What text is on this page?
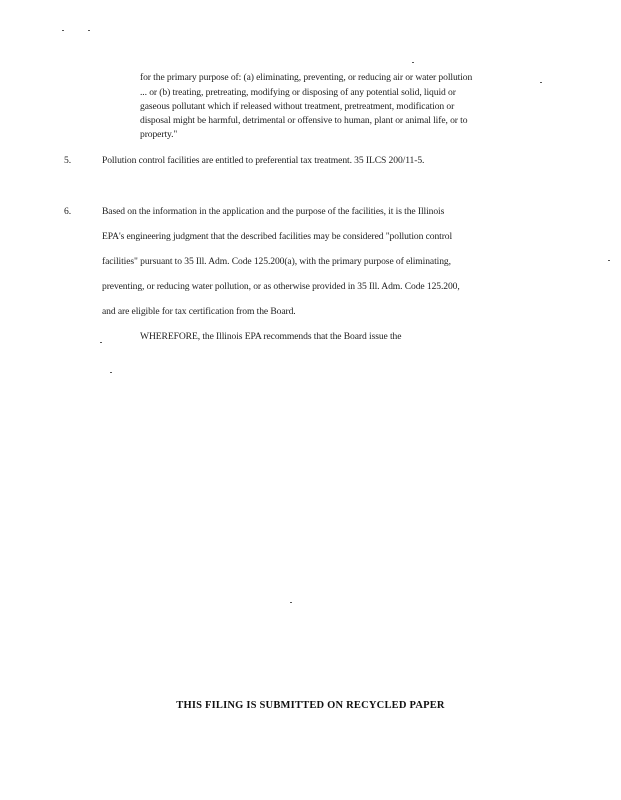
for the primary purpose of: (a) eliminating, preventing, or reducing air or water pollution
... or (b) treating, pretreating, modifying or disposing of any potential solid, liquid or
gaseous pollutant which if released without treatment, pretreatment, modification or
disposal might be harmful, detrimental or offensive to human, plant or animal life, or to
property."
5.	Pollution control facilities are entitled to preferential tax treatment. 35 ILCS 200/11-5.
6.	Based on the information in the application and the purpose of the facilities, it is the Illinois
EPA's engineering judgment that the described facilities may be considered "pollution control
facilities" pursuant to 35 Ill. Adm. Code 125.200(a), with the primary purpose of eliminating,
preventing, or reducing water pollution, or as otherwise provided in 35 Ill. Adm. Code 125.200,
and are eligible for tax certification from the Board.
WHEREFORE, the Illinois EPA recommends that the Board issue the
THIS FILING IS SUBMITTED ON RECYCLED PAPER
